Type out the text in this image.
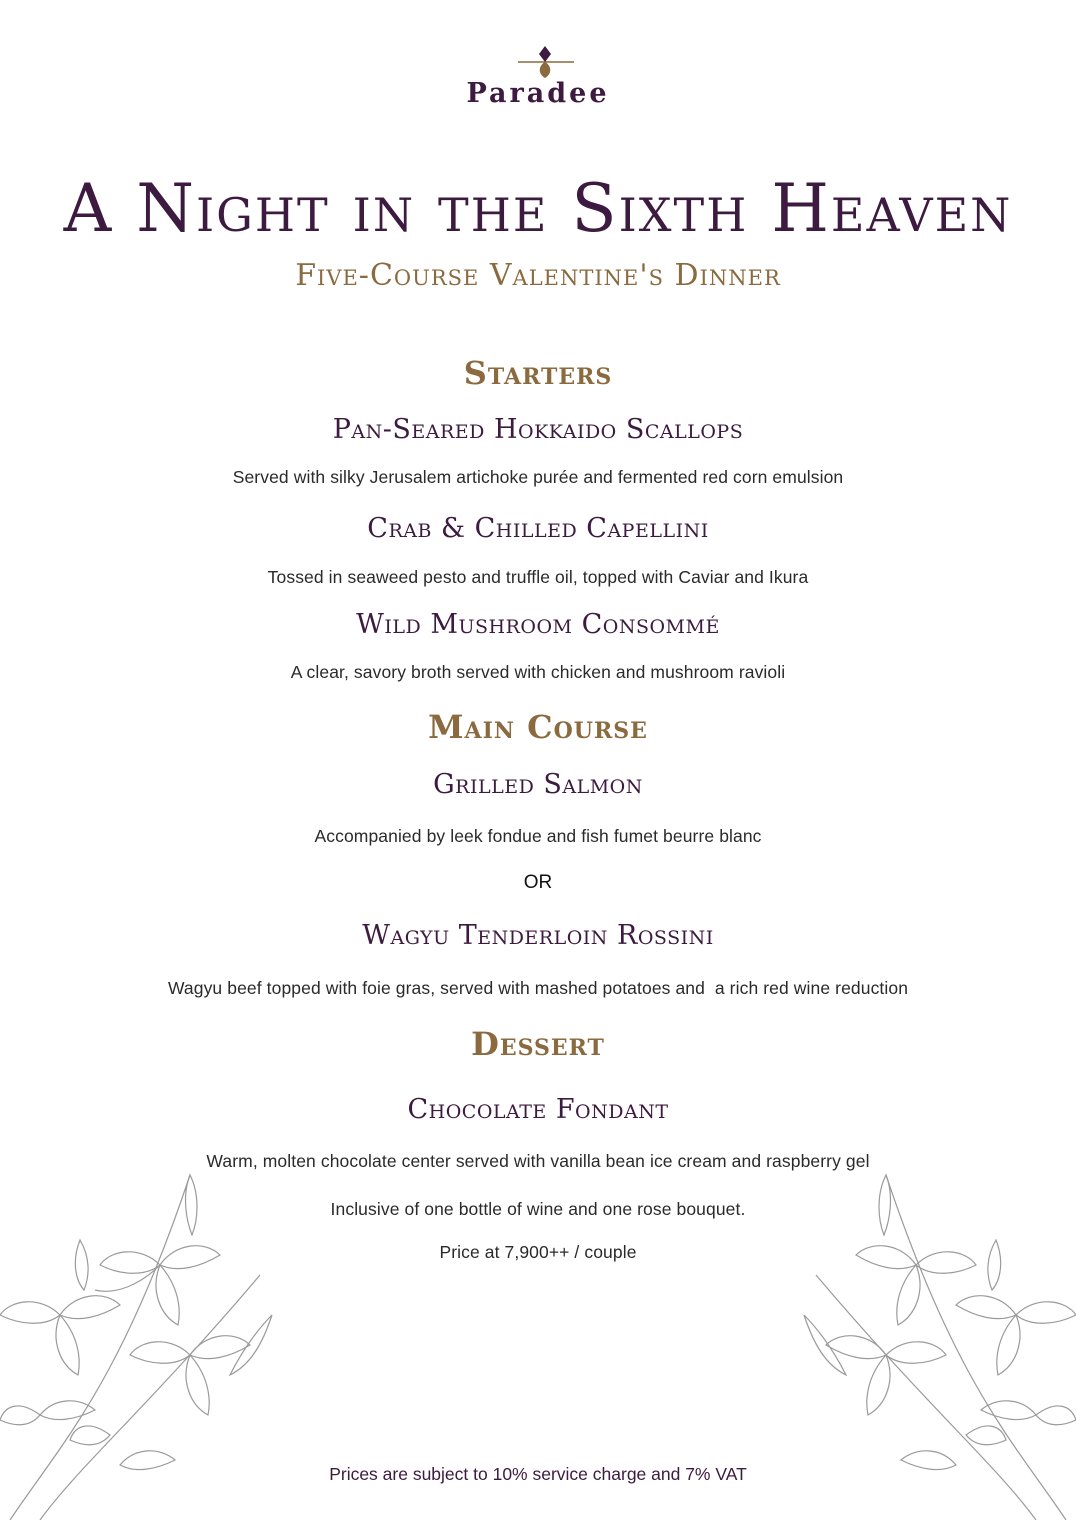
Paradee
A Night in the Sixth Heaven
Five-Course Valentine's Dinner
Starters
Pan-Seared Hokkaido Scallops
Served with silky Jerusalem artichoke purée and fermented red corn emulsion
Crab & Chilled Capellini
Tossed in seaweed pesto and truffle oil, topped with Caviar and Ikura
Wild Mushroom Consommé
A clear, savory broth served with chicken and mushroom ravioli
Main Course
Grilled Salmon
Accompanied by leek fondue and fish fumet beurre blanc
OR
Wagyu Tenderloin Rossini
Wagyu beef topped with foie gras, served with mashed potatoes and  a rich red wine reduction
Dessert
Chocolate Fondant
Warm, molten chocolate center served with vanilla bean ice cream and raspberry gel
Inclusive of one bottle of wine and one rose bouquet.
Price at 7,900++ / couple
Prices are subject to 10% service charge and 7% VAT
